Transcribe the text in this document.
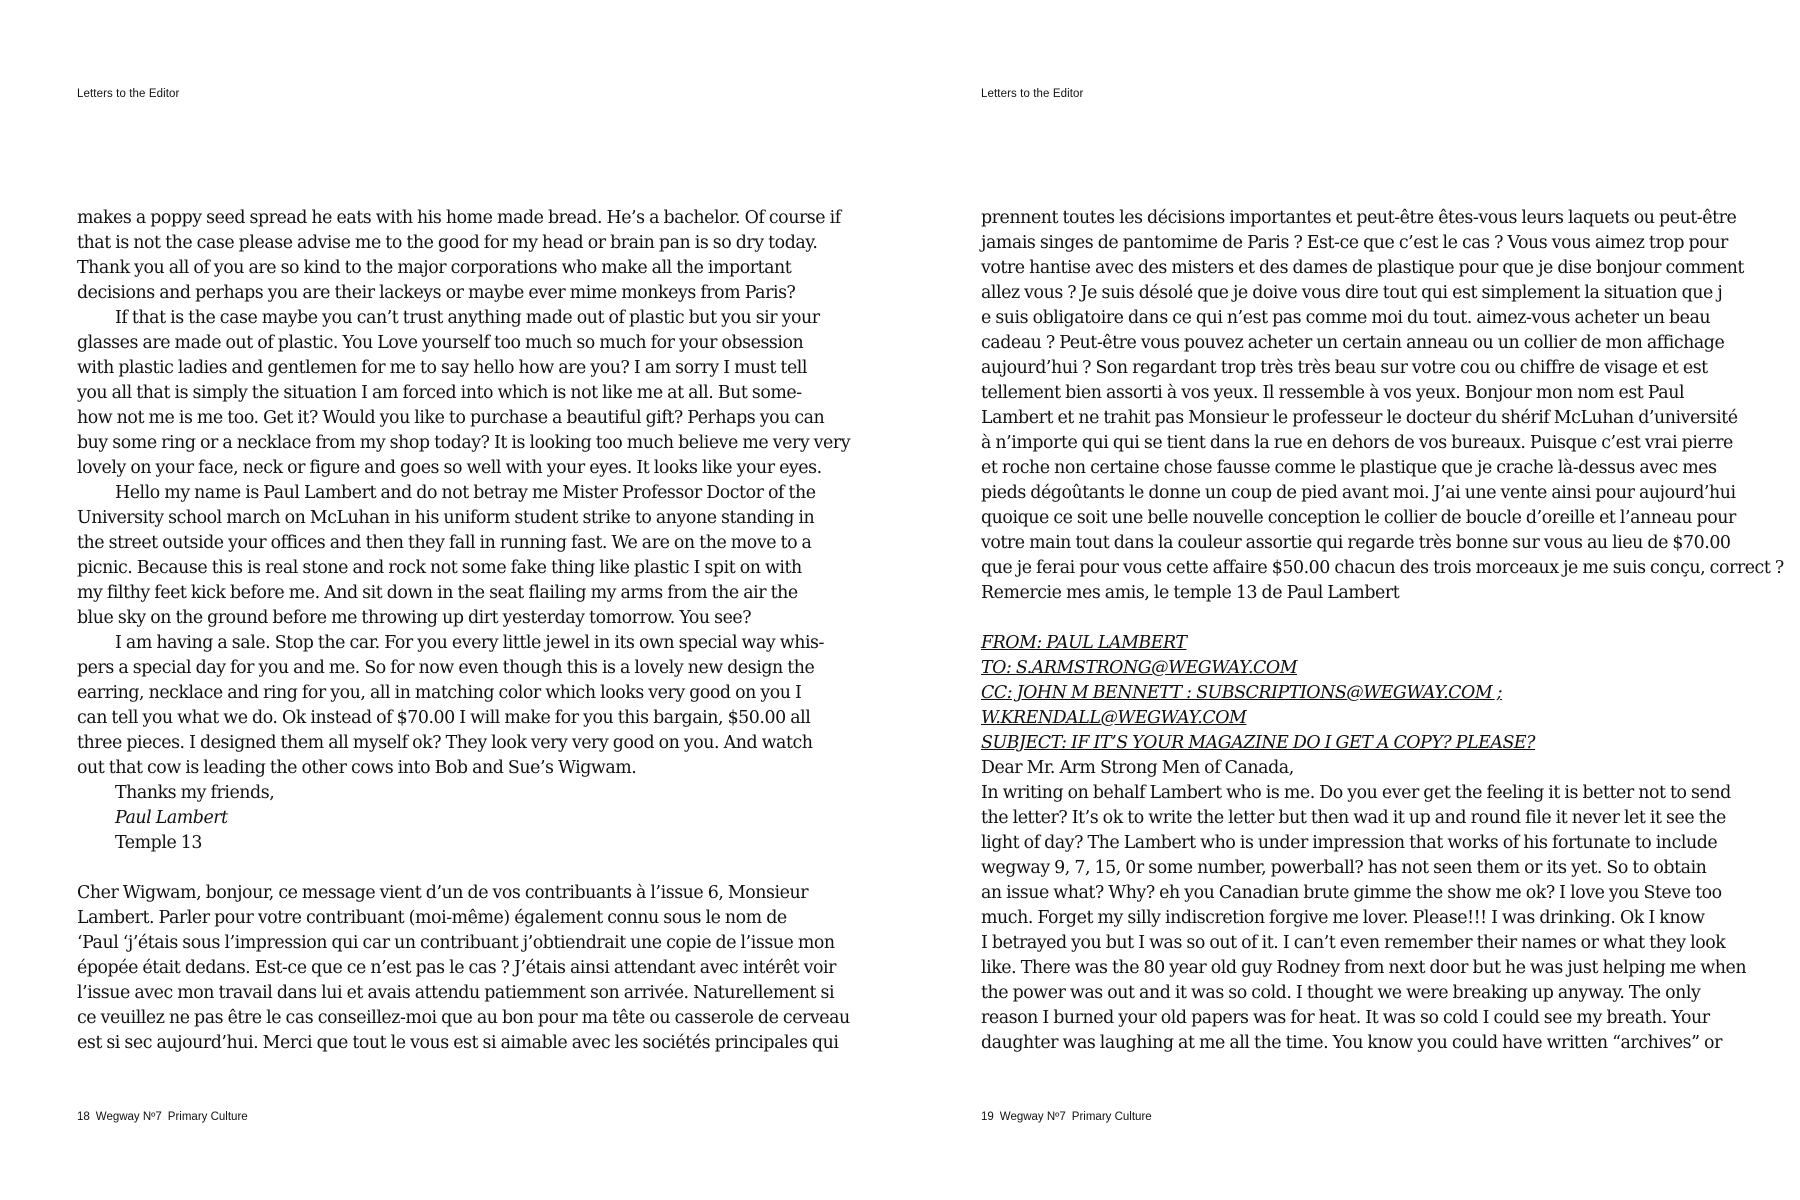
Letters to the Editor
makes a poppy seed spread he eats with his home made bread. He’s a bachelor. Of course if
that is not the case please advise me to the good for my head or brain pan is so dry today.
Thank you all of you are so kind to the major corporations who make all the important
decisions and perhaps you are their lackeys or maybe ever mime monkeys from Paris?
If that is the case maybe you can’t trust anything made out of plastic but you sir your
glasses are made out of plastic. You Love yourself too much so much for your obsession
with plastic ladies and gentlemen for me to say hello how are you? I am sorry I must tell
you all that is simply the situation I am forced into which is not like me at all. But some-
how not me is me too. Get it? Would you like to purchase a beautiful gift? Perhaps you can
buy some ring or a necklace from my shop today? It is looking too much believe me very very
lovely on your face, neck or figure and goes so well with your eyes. It looks like your eyes.
Hello my name is Paul Lambert and do not betray me Mister Professor Doctor of the
University school march on McLuhan in his uniform student strike to anyone standing in
the street outside your offices and then they fall in running fast. We are on the move to a
picnic. Because this is real stone and rock not some fake thing like plastic I spit on with
my filthy feet kick before me. And sit down in the seat flailing my arms from the air the
blue sky on the ground before me throwing up dirt yesterday tomorrow. You see?
I am having a sale. Stop the car. For you every little jewel in its own special way whis-
pers a special day for you and me. So for now even though this is a lovely new design the
earring, necklace and ring for you, all in matching color which looks very good on you I
can tell you what we do. Ok instead of $70.00 I will make for you this bargain, $50.00 all
three pieces. I designed them all myself ok? They look very very good on you. And watch
out that cow is leading the other cows into Bob and Sue’s Wigwam.
Thanks my friends,
Paul Lambert
Temple 13
Cher Wigwam, bonjour, ce message vient d’un de vos contribuants à l’issue 6, Monsieur
Lambert. Parler pour votre contribuant (moi-même) également connu sous le nom de
‘Paul ‘j’étais sous l’impression qui car un contribuant j’obtiendrait une copie de l’issue mon
épopée était dedans. Est-ce que ce n’est pas le cas ? J’étais ainsi attendant avec intérêt voir
l’issue avec mon travail dans lui et avais attendu patiemment son arrivée. Naturellement si
ce veuillez ne pas être le cas conseillez-moi que au bon pour ma tête ou casserole de cerveau
est si sec aujourd’hui. Merci que tout le vous est si aimable avec les sociétés principales qui
18 Wegway Nº7 Primary Culture
Letters to the Editor
prennent toutes les décisions importantes et peut-être êtes-vous leurs laquets ou peut-être
jamais singes de pantomime de Paris ? Est-ce que c’est le cas ? Vous vous aimez trop pour
votre hantise avec des misters et des dames de plastique pour que je dise bonjour comment
allez vous ? Je suis désolé que je doive vous dire tout qui est simplement la situation que j
e suis obligatoire dans ce qui n’est pas comme moi du tout. aimez-vous acheter un beau
cadeau ? Peut-être vous pouvez acheter un certain anneau ou un collier de mon affichage
aujourd’hui ? Son regardant trop très très beau sur votre cou ou chiffre de visage et est
tellement bien assorti à vos yeux. Il ressemble à vos yeux. Bonjour mon nom est Paul
Lambert et ne trahit pas Monsieur le professeur le docteur du shérif McLuhan d’université
à n’importe qui qui se tient dans la rue en dehors de vos bureaux. Puisque c’est vrai pierre
et roche non certaine chose fausse comme le plastique que je crache là-dessus avec mes
pieds dégoûtants le donne un coup de pied avant moi. J’ai une vente ainsi pour aujourd’hui
quoique ce soit une belle nouvelle conception le collier de boucle d’oreille et l’anneau pour
votre main tout dans la couleur assortie qui regarde très bonne sur vous au lieu de $70.00
que je ferai pour vous cette affaire $50.00 chacun des trois morceaux je me suis conçu, correct ?
Remercie mes amis, le temple 13 de Paul Lambert
FROM: PAUL LAMBERT
TO: S.ARMSTRONG@WEGWAY.COM
CC: JOHN M BENNETT : SUBSCRIPTIONS@WEGWAY.COM ;
W.KRENDALL@WEGWAY.COM
SUBJECT: IF IT’S YOUR MAGAZINE DO I GET A COPY? PLEASE?
Dear Mr. Arm Strong Men of Canada,
In writing on behalf Lambert who is me. Do you ever get the feeling it is better not to send
the letter? It’s ok to write the letter but then wad it up and round file it never let it see the
light of day? The Lambert who is under impression that works of his fortunate to include
wegway 9, 7, 15, 0r some number, powerball? has not seen them or its yet. So to obtain
an issue what? Why? eh you Canadian brute gimme the show me ok? I love you Steve too
much. Forget my silly indiscretion forgive me lover. Please!!! I was drinking. Ok I know
I betrayed you but I was so out of it. I can’t even remember their names or what they look
like. There was the 80 year old guy Rodney from next door but he was just helping me when
the power was out and it was so cold. I thought we were breaking up anyway. The only
reason I burned your old papers was for heat. It was so cold I could see my breath. Your
daughter was laughing at me all the time. You know you could have written “archives” or
19 Wegway Nº7 Primary Culture
